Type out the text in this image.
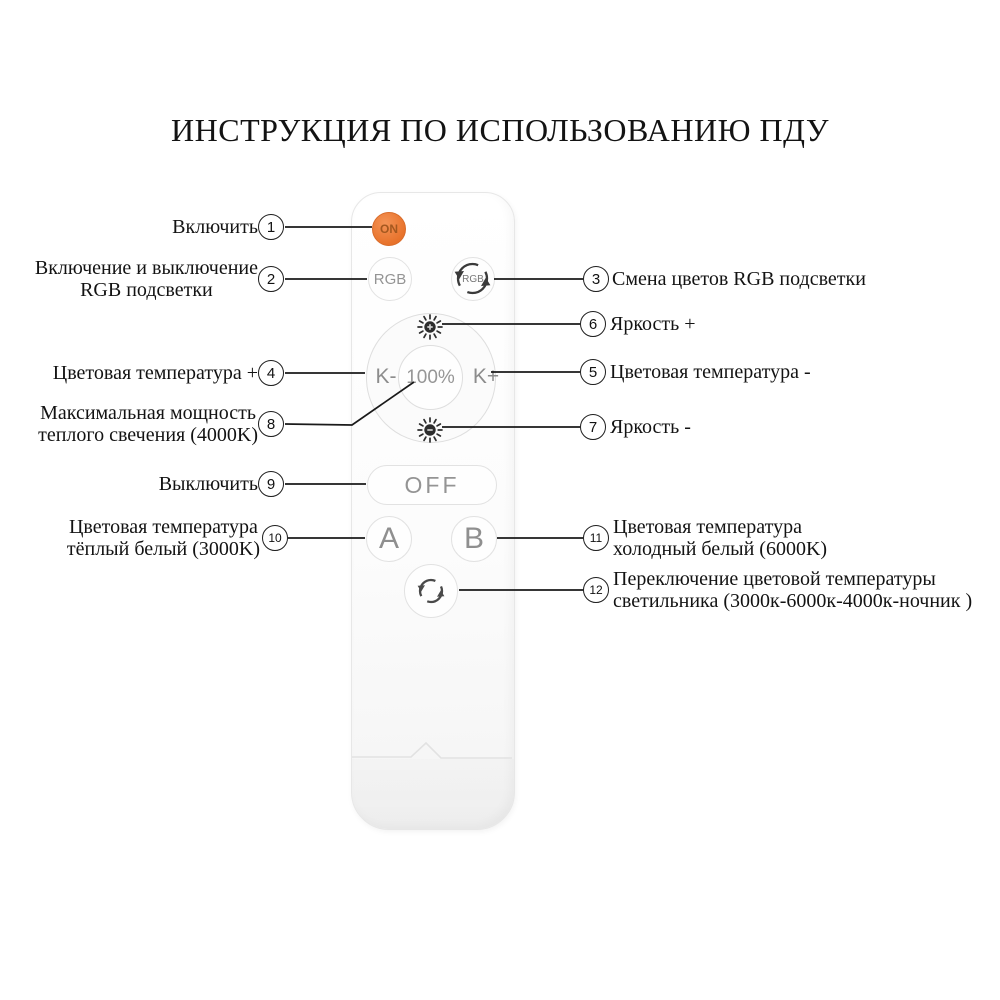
ИНСТРУКЦИЯ ПО ИСПОЛЬЗОВАНИЮ ПДУ
ON
RGB	RGB
K-	K+
100%
OFF
A	B
1
Включить
2
Включение и выключение
RGB подсветки
4
Цветовая температура +
8
Максимальная мощность
теплого свечения (4000K)
9
Выключить
10
Цветовая температура
тёплый белый (3000K)
3 Смена цветов RGB подсветки
6 Яркость +
5 Цветовая температура -
7 Яркость -
11 Цветовая температура
холодный белый (6000K)
12 Переключение цветовой температуры
светильника (3000к-6000к-4000к-ночник )
